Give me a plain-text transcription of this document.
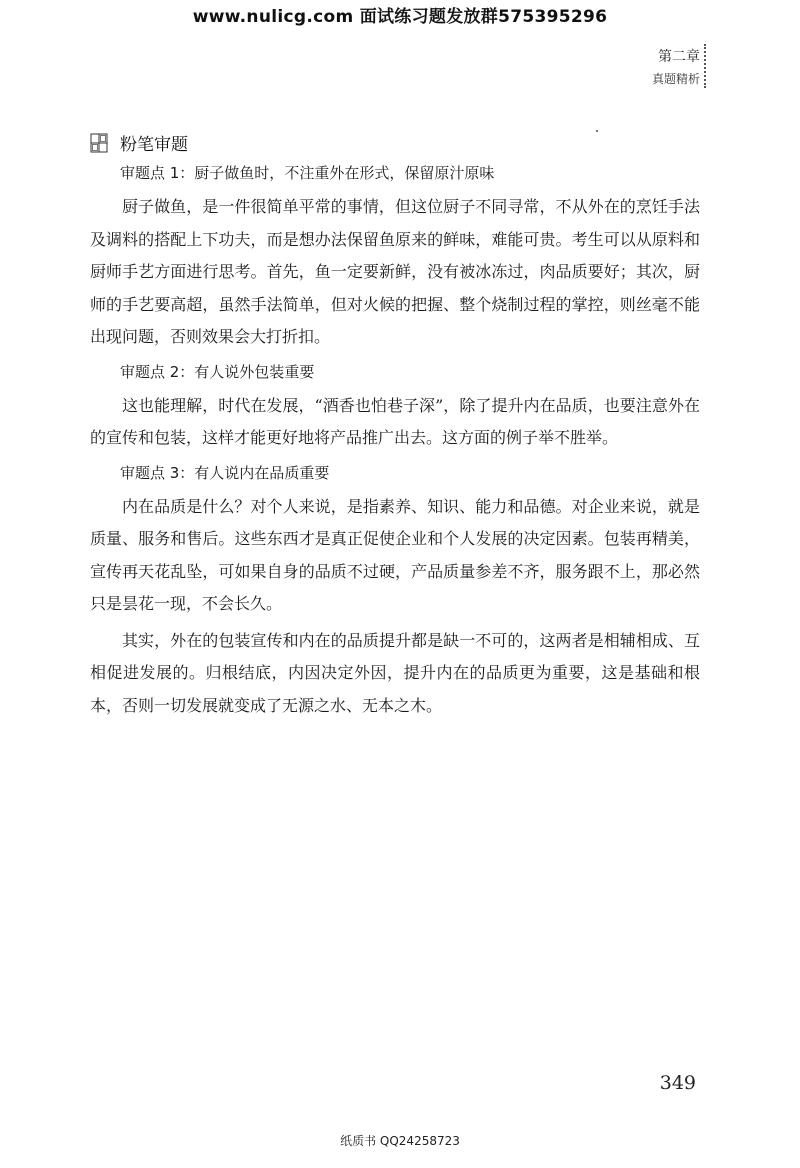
www.nulicg.com 面试练习题发放群575395296
第二章
真题精析
粉笔审题

审题点 1：厨子做鱼时，不注重外在形式，保留原汁原味

厨子做鱼，是一件很简单平常的事情，但这位厨子不同寻常，不从外在的烹饪手法及调料的搭配上下功夫，而是想办法保留鱼原来的鲜味，难能可贵。考生可以从原料和厨师手艺方面进行思考。首先，鱼一定要新鲜，没有被冰冻过，肉品质要好；其次，厨师的手艺要高超，虽然手法简单，但对火候的把握、整个烧制过程的掌控，则丝毫不能出现问题，否则效果会大打折扣。

审题点 2：有人说外包装重要

这也能理解，时代在发展，“酒香也怕巷子深”，除了提升内在品质，也要注意外在的宣传和包装，这样才能更好地将产品推广出去。这方面的例子举不胜举。

审题点 3：有人说内在品质重要

内在品质是什么？对个人来说，是指素养、知识、能力和品德。对企业来说，就是质量、服务和售后。这些东西才是真正促使企业和个人发展的决定因素。包装再精美，宣传再天花乱坠，可如果自身的品质不过硬，产品质量参差不齐，服务跟不上，那必然只是昙花一现，不会长久。

其实，外在的包装宣传和内在的品质提升都是缺一不可的，这两者是相辅相成、互相促进发展的。归根结底，内因决定外因，提升内在的品质更为重要，这是基础和根本，否则一切发展就变成了无源之水、无本之木。

349
纸质书 QQ24258723
